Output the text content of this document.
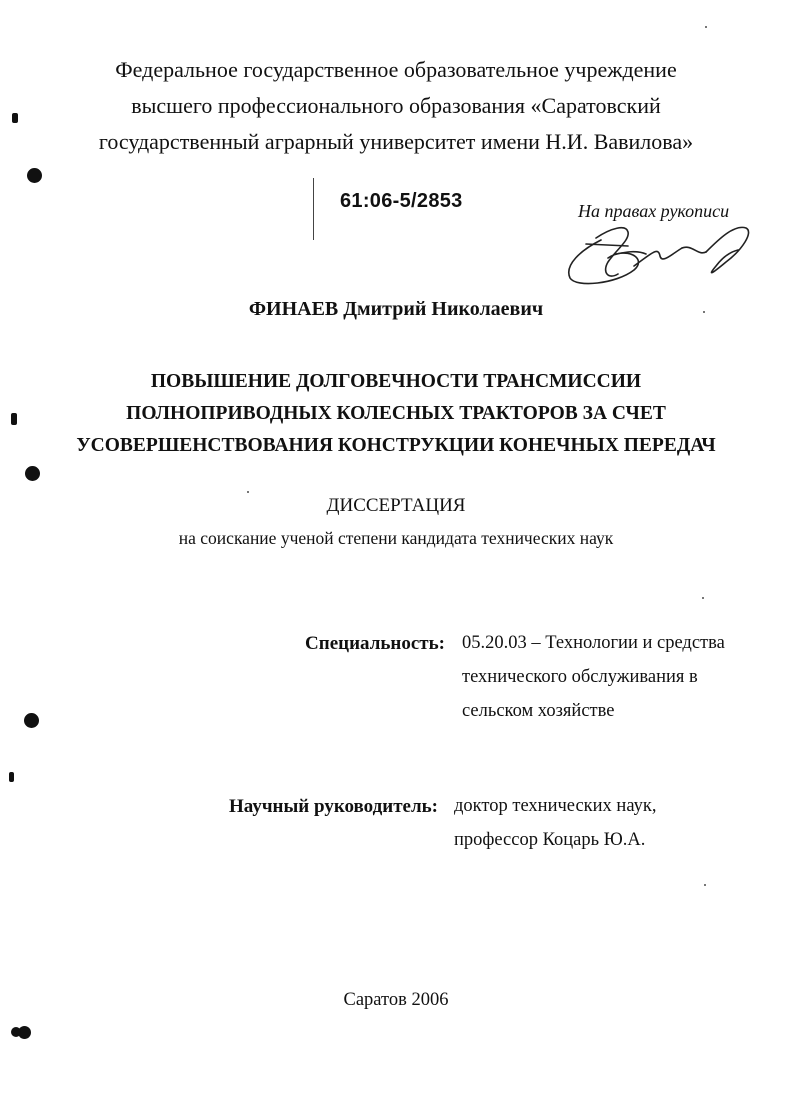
Федеральное государственное образовательное учреждение
высшего профессионального образования «Саратовский
государственный аграрный университет имени Н.И. Вавилова»
61:06-5/2853	На правах рукописи
ФИНАЕВ Дмитрий Николаевич
ПОВЫШЕНИЕ ДОЛГОВЕЧНОСТИ ТРАНСМИССИИ
ПОЛНОПРИВОДНЫХ КОЛЕСНЫХ ТРАКТОРОВ ЗА СЧЕТ
УСОВЕРШЕНСТВОВАНИЯ КОНСТРУКЦИИ КОНЕЧНЫХ ПЕРЕДАЧ
ДИССЕРТАЦИЯ
на соискание ученой степени кандидата технических наук
Специальность: 05.20.03 – Технологии и средства
технического обслуживания в
сельском хозяйстве
Научный руководитель: доктор технических наук,
профессор Коцарь Ю.А.
Саратов 2006
